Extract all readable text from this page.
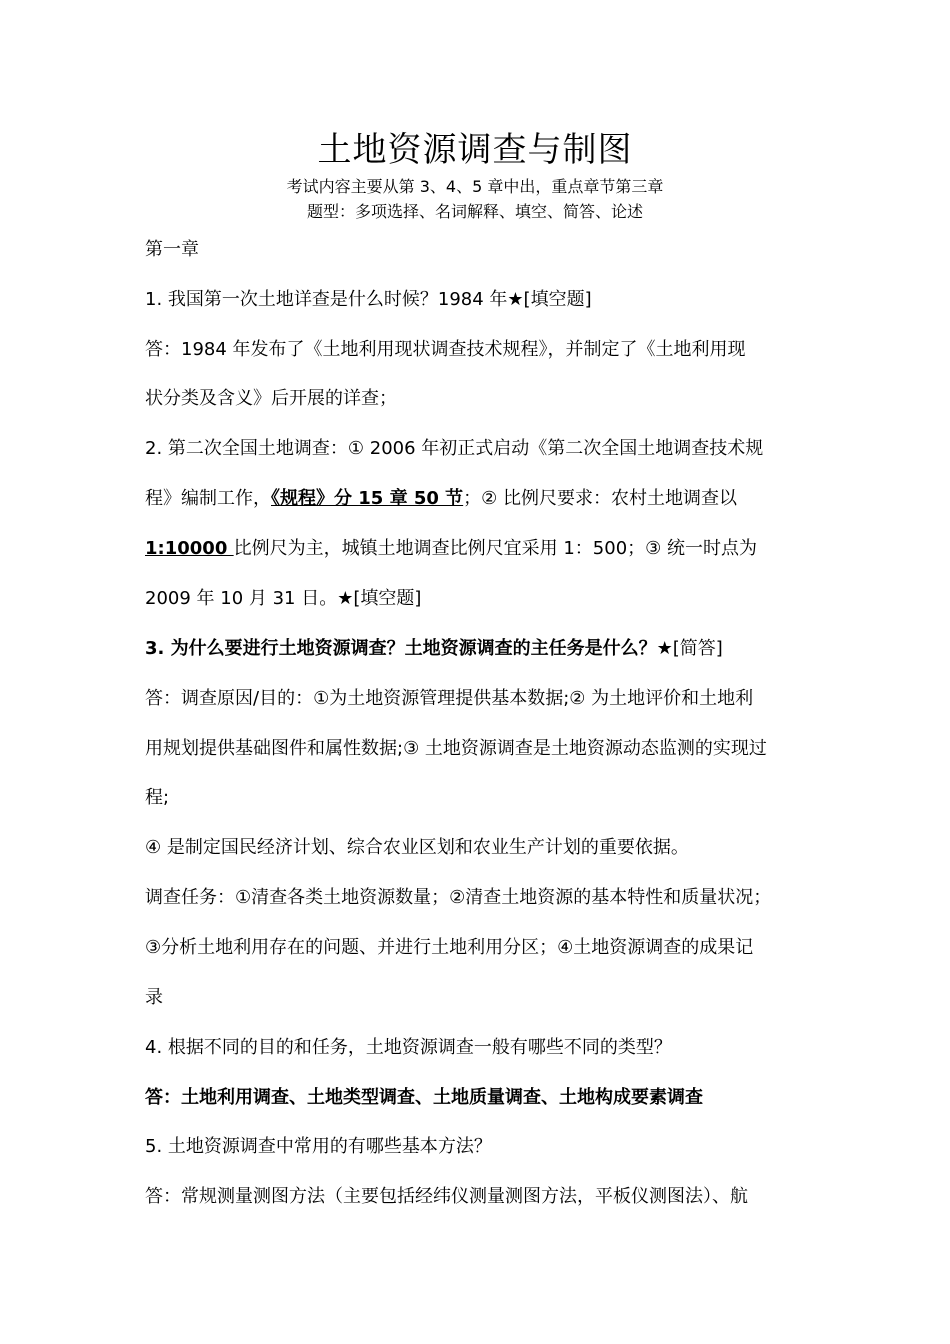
土地资源调查与制图
考试内容主要从第 3、4、5 章中出，重点章节第三章
题型：多项选择、名词解释、填空、简答、论述
第一章
1. 我国第一次土地详查是什么时候？1984 年★[填空题]
答：1984 年发布了《土地利用现状调查技术规程》，并制定了《土地利用现
状分类及含义》后开展的详查；
2. 第二次全国土地调查：① 2006 年初正式启动《第二次全国土地调查技术规
程》编制工作，《规程》分 15 章 50 节；② 比例尺要求：农村土地调查以
1:10000 比例尺为主，城镇土地调查比例尺宜采用 1：500；③ 统一时点为
2009 年 10 月 31 日。★[填空题]
3. 为什么要进行土地资源调查？土地资源调查的主任务是什么？★[简答]
答：调查原因/目的：①为土地资源管理提供基本数据;② 为土地评价和土地利
用规划提供基础图件和属性数据;③ 土地资源调查是土地资源动态监测的实现过
程;
④ 是制定国民经济计划、综合农业区划和农业生产计划的重要依据。
调查任务：①清查各类土地资源数量；②清查土地资源的基本特性和质量状况；
③分析土地利用存在的问题、并进行土地利用分区；④土地资源调查的成果记
录
4. 根据不同的目的和任务，土地资源调查一般有哪些不同的类型？
答：土地利用调查、土地类型调查、土地质量调查、土地构成要素调查
5. 土地资源调查中常用的有哪些基本方法？
答：常规测量测图方法（主要包括经纬仪测量测图方法，平板仪测图法）、航
